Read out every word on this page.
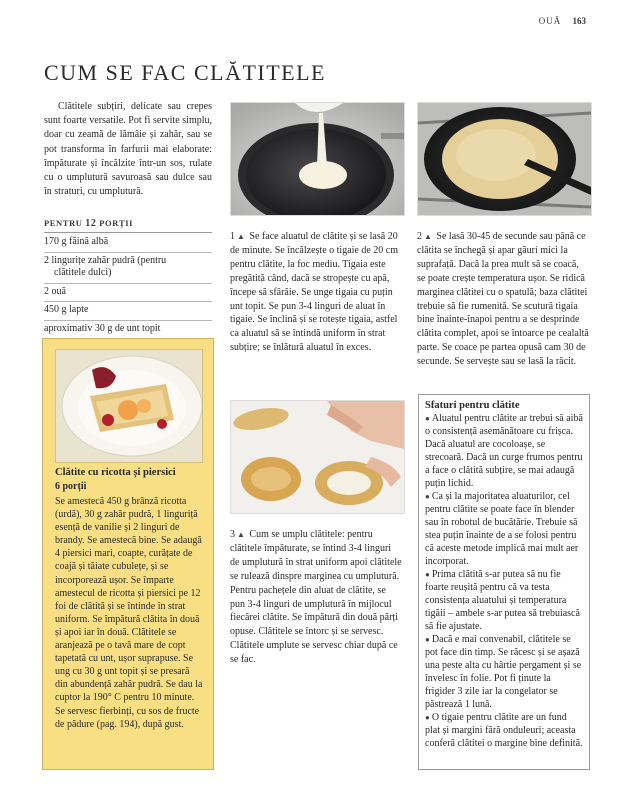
OUĂ 163
CUM SE FAC CLĂTITELE

Clătitele subțiri, delicate sau crepes sunt foarte versatile. Pot fi servite simplu, doar cu zeamă de lămâie și zahăr, sau se pot transforma în farfurii mai elaborate: împăturate și încălzite într-un sos, rulate cu o umplutură savuroasă sau dulce sau în straturi, cu umplutură.

PENTRU 12 PORȚII
170 g făină albă
2 lingurițe zahăr pudră (pentru
clătitele dulci)
2 ouă
450 g lapte
aproximativ 30 g de unt topit

1 ▲ Se face aluatul de clătite și se lasă 20 de minute. Se încălzește o tigaie de 20 cm pentru clătite, la foc mediu. Tigaia este pregătită când, dacă se stropește cu apă, începe să sfârâie. Se unge tigaia cu puțin unt topit. Se pun 3-4 linguri de aluat în tigaie. Se înclină și se rotește tigaia, astfel ca aluatul să se întindă uniform în strat subțire; se înlătură aluatul în exces.

2 ▲ Se lasă 30-45 de secunde sau până ce clătita se închegă și apar găuri mici la suprafață. Dacă la prea mult să se coacă, se poate crește temperatura ușor. Se ridică marginea clătitei cu o spatulă; baza clătitei trebuie să fie rumenită. Se scutură tigaia bine înainte-înapoi pentru a se desprinde clătita complet, apoi se întoarce pe cealaltă parte. Se coace pe partea opusă cam 30 de secunde. Se servește sau se lasă la răcit.

3 ▲ Cum se umplu clătitele: pentru clătitele împăturate, se întind 3-4 linguri de umplutură în strat uniform apoi clătitele se rulează dinspre marginea cu umplutură. Pentru pachețele din aluat de clătite, se pun 3-4 linguri de umplutură în mijlocul fiecărei clătite. Se împătură din două părți opuse. Clătitele se întorc și se servesc. Clătitele umplute se servesc chiar după ce se fac.

Clătite cu ricotta și piersici
6 porții

Se amestecă 450 g brânză ricotta (urdă), 30 g zahăr pudră, 1 linguriță esență de vanilie și 2 linguri de brandy. Se amestecă bine. Se adaugă 4 piersici mari, coapte, curățate de coajă și tăiate cubulețe, și se incorporează ușor. Se împarte amestecul de ricotta și piersici pe 12 foi de clătită și se întinde în strat uniform. Se împătură clătita în două și apoi iar în două. Clătitele se aranjează pe o tavă mare de copt tapetată cu unt, ușor suprapuse. Se ung cu 30 g unt topit și se presară din abundență zahăr pudră. Se dau la cuptor la 190° C pentru 10 minute. Se servesc fierbinți, cu sos de fructe de pădure (pag. 194), după gust.

Sfaturi pentru clătite

● Aluatul pentru clătite ar trebui să aibă o consistență asemănătoare cu frișca. Dacă aluatul are cocoloașe, se strecoară. Dacă un curge frumos pentru a face o clătită subțire, se mai adaugă puțin lichid.

● Ca și la majoritatea aluaturilor, cel pentru clătite se poate face în blender sau în robotul de bucătărie. Trebuie să stea puțin înainte de a se folosi pentru că aceste metode implică mai mult aer incorporat.

● Prima clătită s-ar putea să nu fie foarte reușită pentru că va testa consistența aluatului și temperatura tigăii – ambele s-ar putea să trebuiască să fie ajustate.

● Dacă e mai convenabil, clătitele se pot face din timp. Se răcesc și se așază una peste alta cu hârtie pergament și se învelesc în folie. Pot fi ținute la frigider 3 zile iar la congelator se păstrează 1 lună.

● O tigaie pentru clătite are un fund plat și margini fără onduleuri; aceasta conferă clătitei o margine bine definită.
